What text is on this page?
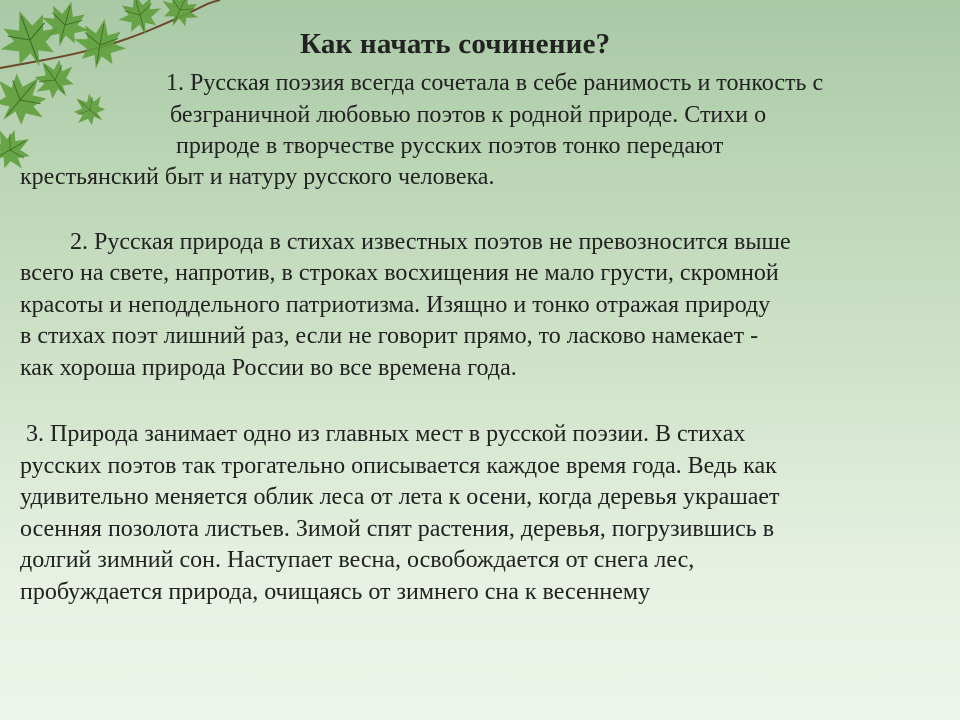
Как начать сочинение?

1. Русская поэзия всегда сочетала в себе ранимость и тонкость с

безграничной любовью поэтов к родной природе. Стихи о

природе в творчестве русских поэтов тонко передают

крестьянский быт и натуру русского человека.

2. Русская природа в стихах известных поэтов не превозносится выше

всего на свете, напротив, в строках восхищения не мало грусти, скромной

красоты и неподдельного патриотизма. Изящно и тонко отражая природу

в стихах поэт лишний раз, если не говорит прямо, то ласково намекает -

как хороша природа России во все времена года.

3. Природа занимает одно из главных мест в русской поэзии. В стихах

русских поэтов так трогательно описывается каждое время года. Ведь как

удивительно меняется облик леса от лета к осени, когда деревья украшает

осенняя позолота листьев. Зимой спят растения, деревья, погрузившись в

долгий зимний сон. Наступает весна, освобождается от снега лес,

пробуждается природа, очищаясь от зимнего сна к весеннему
